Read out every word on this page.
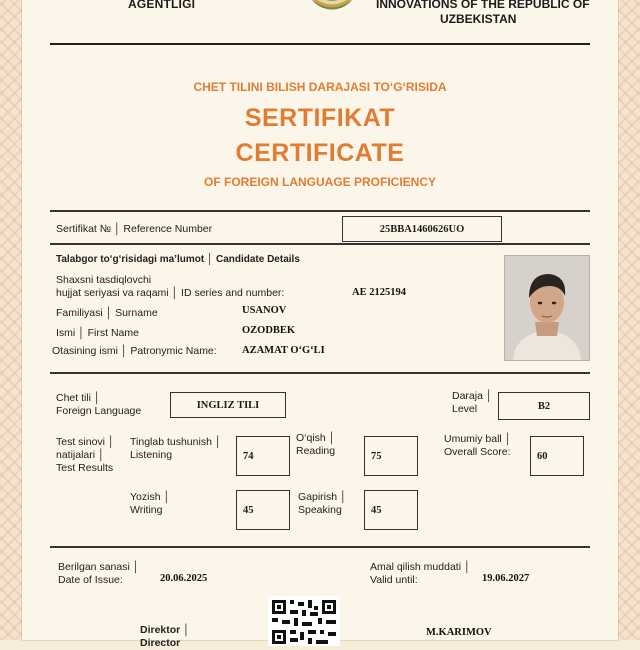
AGENTLIGI	INNOVATIONS OF THE REPUBLIC OF
UZBEKISTAN
CHET TILINI BILISH DARAJASI TO‘G‘RISIDA
SERTIFIKAT
CERTIFICATE
OF FOREIGN LANGUAGE PROFICIENCY
Sertifikat № │ Reference Number	25BBA1460626UO
Talabgor to‘g‘risidagi ma’lumot │ Candidate Details
Shaxsni tasdiqlovchi
hujjat seriyasi va raqami │ ID series and number:	AE 2125194
Familiyasi │ Surname	USANOV
Ismi │ First Name	OZODBEK
Otasining ismi │ Patronymic Name: AZAMAT O‘G‘LI
Chet tili │
Foreign Language	INGLIZ TILI
Daraja │
Level	B2
Test sinovi │
natijalari │
Test Results
Tinglab tushunish │
Listening	74
O‘qish │
Reading	75
Umumiy ball │
Overall Score:	60
Yozish │
Writing	45
Gapirish │
Speaking	45
Berilgan sanasi │
Date of Issue:	20.06.2025
Amal qilish muddati │
Valid until:	19.06.2027
Direktor │
Director
M.KARIMOV
